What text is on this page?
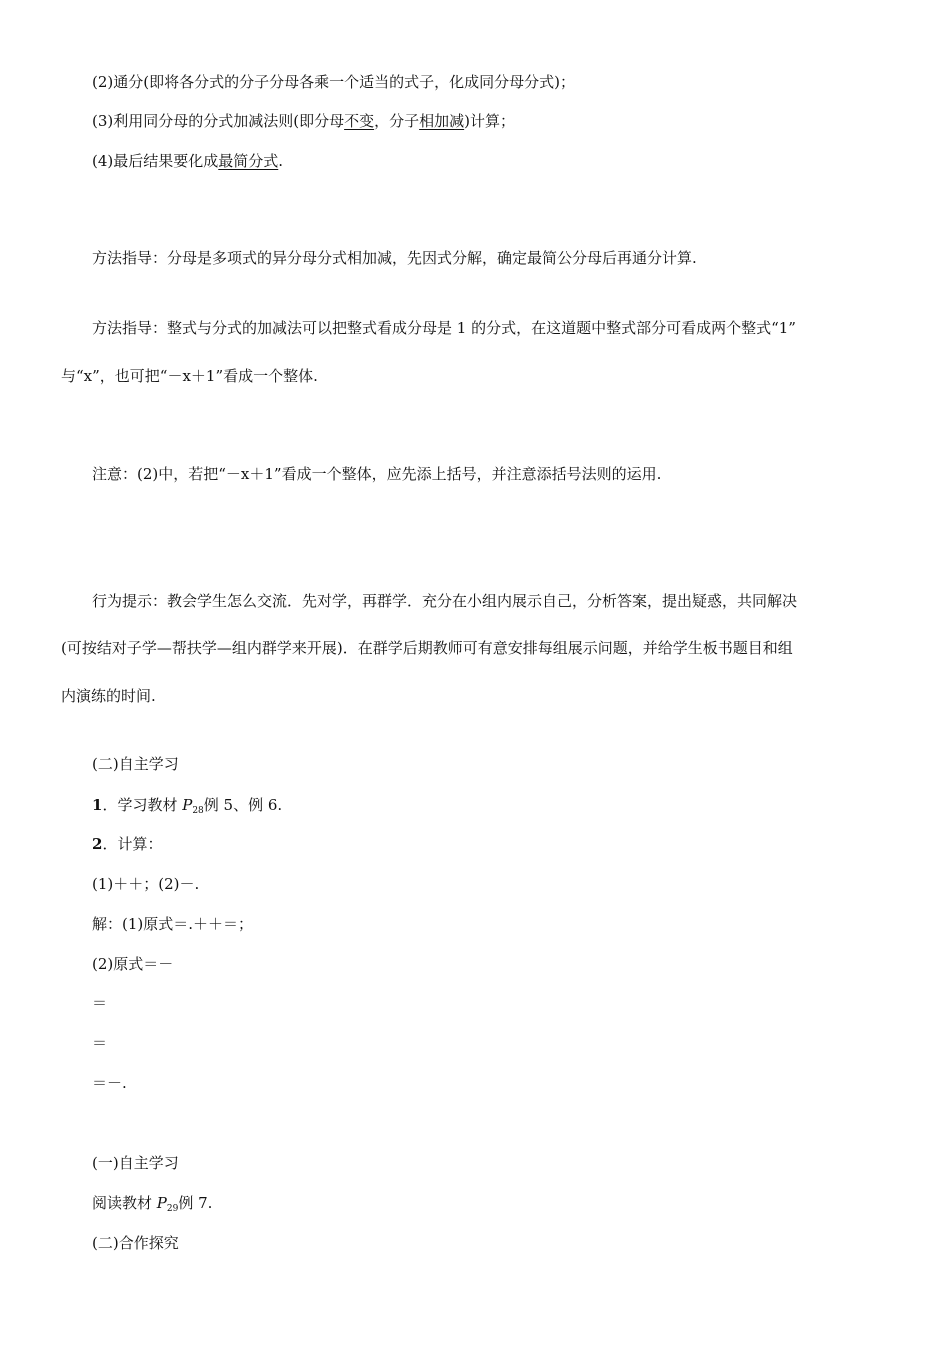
(2)通分(即将各分式的分子分母各乘一个适当的式子，化成同分母分式)；
(3)利用同分母的分式加减法则(即分母不变，分子相加减)计算；
(4)最后结果要化成最简分式.
方法指导：分母是多项式的异分母分式相加减，先因式分解，确定最简公分母后再通分计算.
方法指导：整式与分式的加减法可以把整式看成分母是 1 的分式，在这道题中整式部分可看成两个整式“1”
与“x”，也可把“－x＋1”看成一个整体.
注意：(2)中，若把“－x＋1”看成一个整体，应先添上括号，并注意添括号法则的运用.
行为提示：教会学生怎么交流．先对学，再群学．充分在小组内展示自己，分析答案，提出疑惑，共同解决
(可按结对子学—帮扶学—组内群学来开展)．在群学后期教师可有意安排每组展示问题，并给学生板书题目和组
内演练的时间.
(二)自主学习
1．学习教材 $P_{28}$例 5、例 6.
2．计算：
(1)＋＋；(2)－.
解：(1)原式＝.＋＋＝；
(2)原式＝－
＝
＝
＝－.
(一)自主学习
阅读教材 $P_{29}$例 7.
(二)合作探究
